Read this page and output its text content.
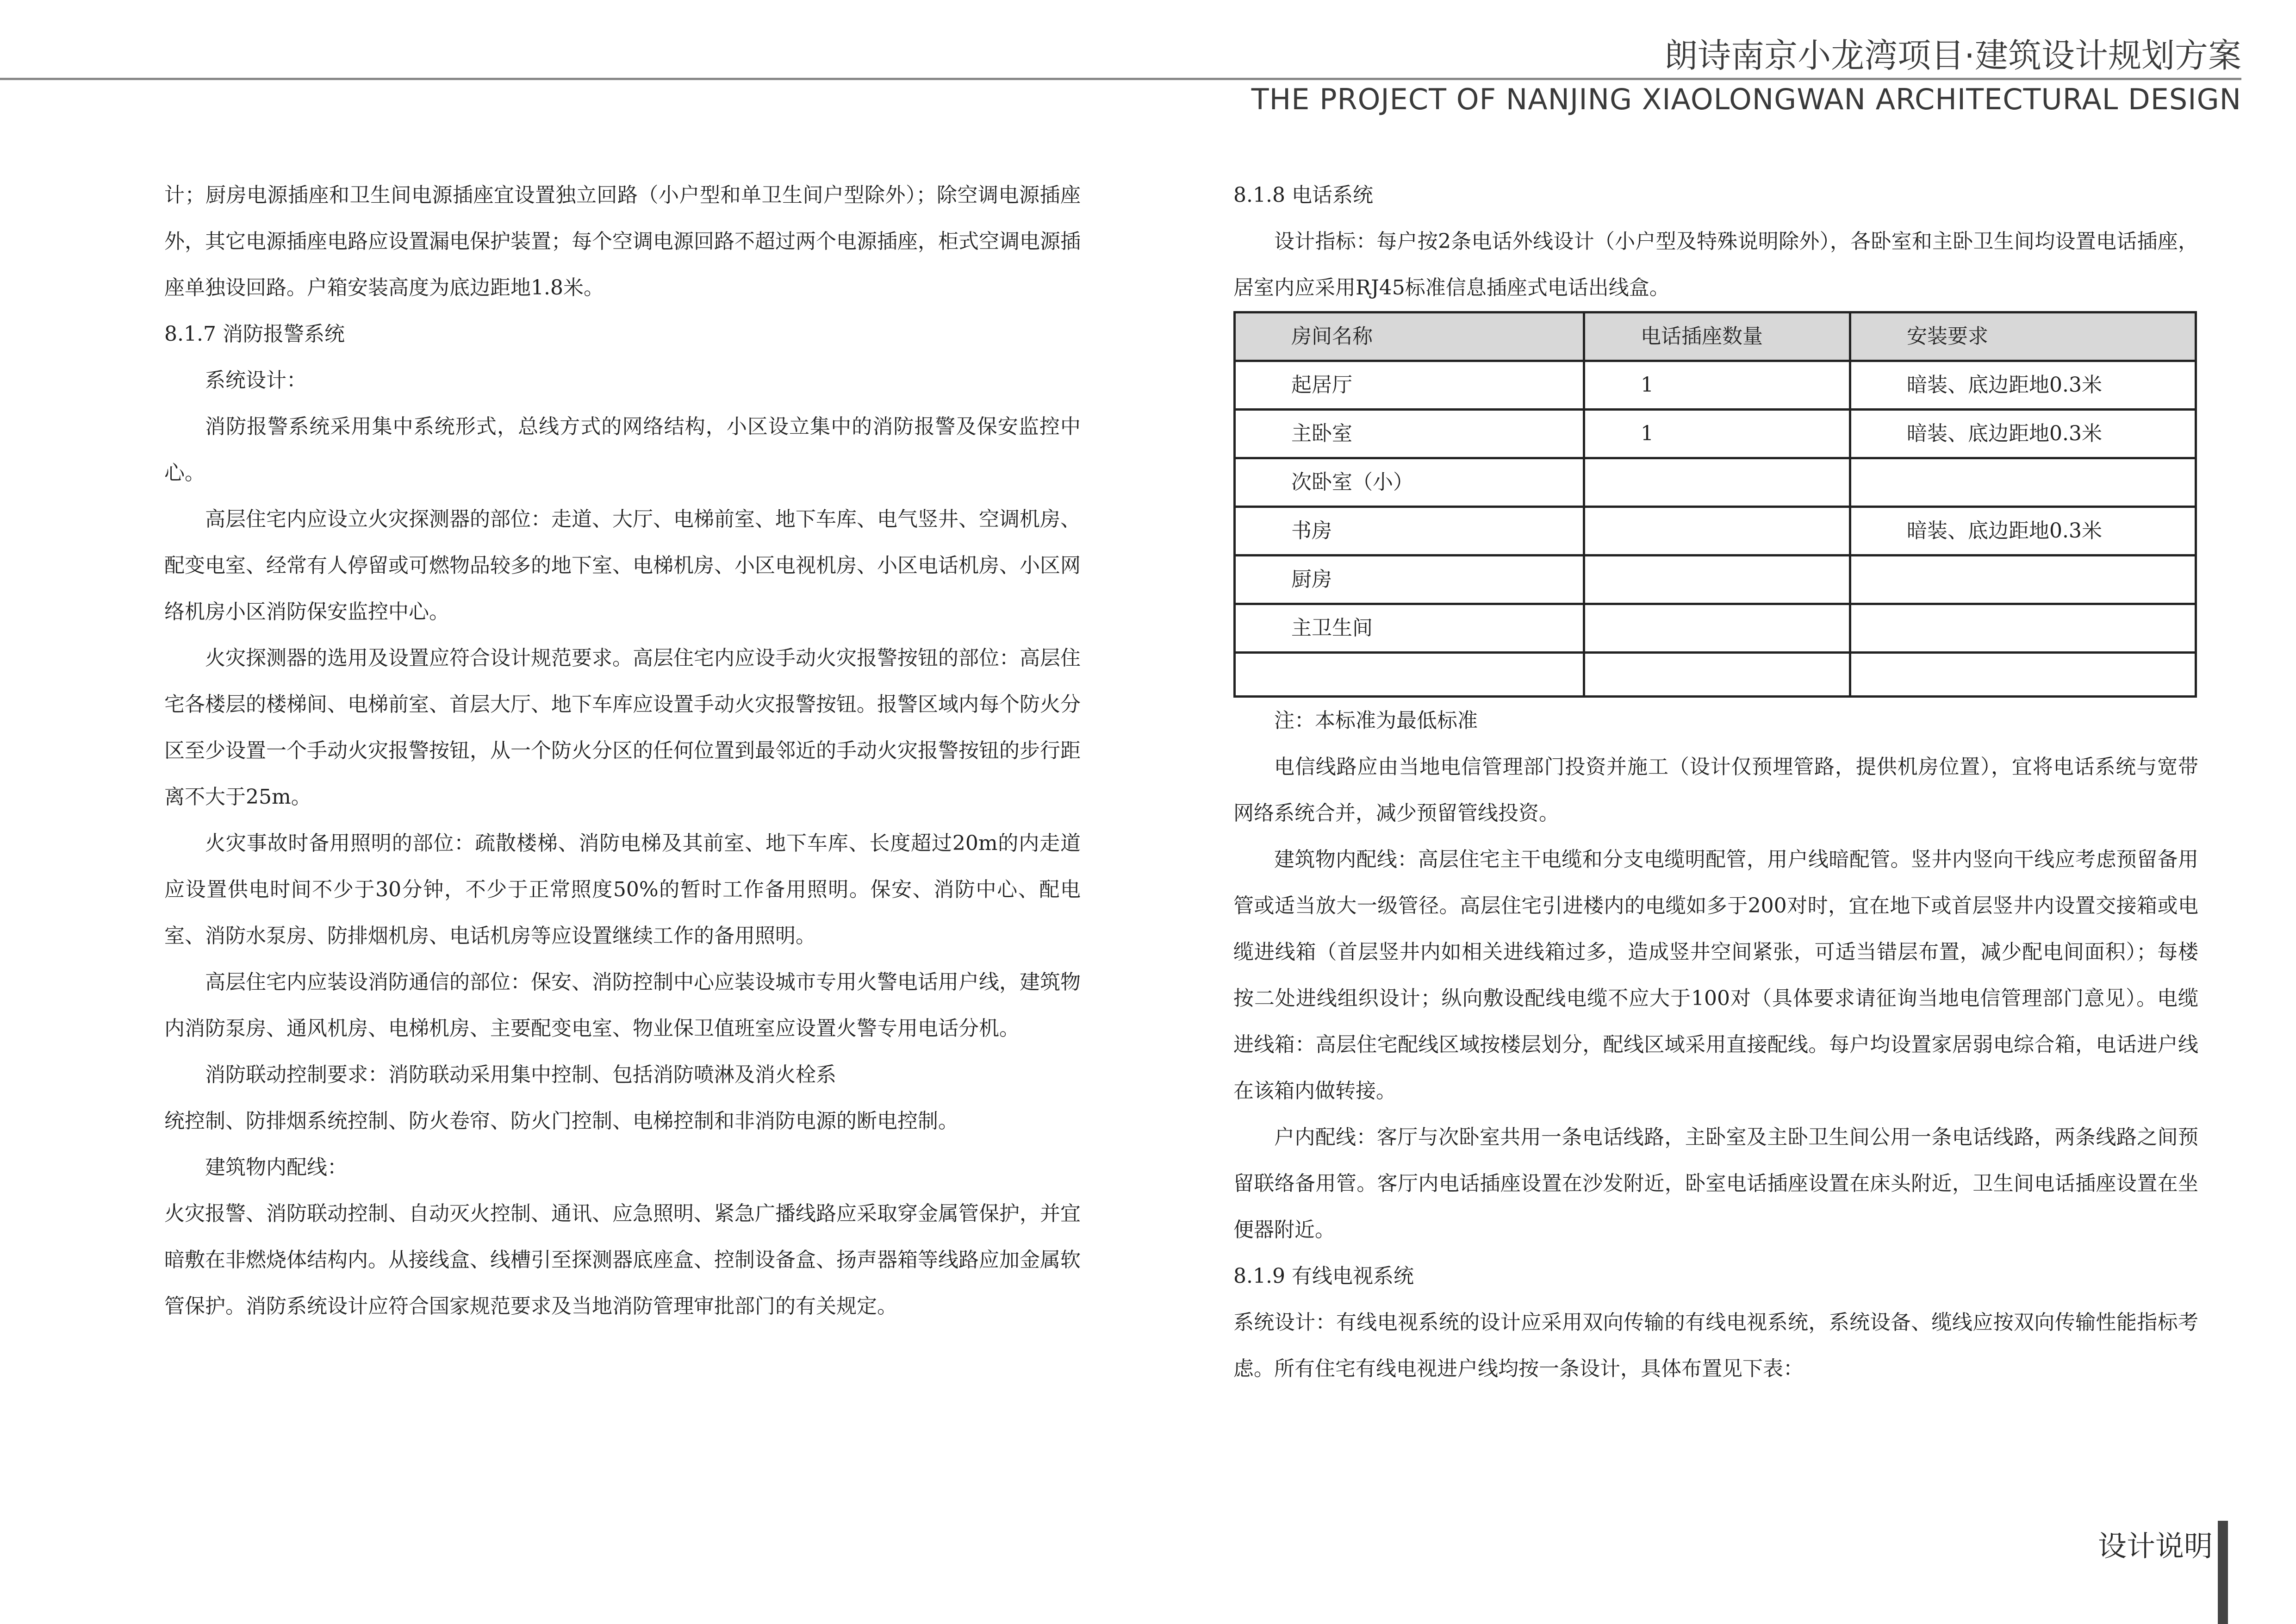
朗诗南京小龙湾项目·建筑设计规划方案
THE PROJECT OF NANJING XIAOLONGWAN ARCHITECTURAL DESIGN

计；厨房电源插座和卫生间电源插座宜设置独立回路（小户型和单卫生间户型除外）；除空调电源插座外，其它电源插座电路应设置漏电保护装置；每个空调电源回路不超过两个电源插座，柜式空调电源插座单独设回路。户箱安装高度为底边距地1.8米。

8.1.7 消防报警系统

系统设计：

消防报警系统采用集中系统形式，总线方式的网络结构，小区设立集中的消防报警及保安监控中心。

高层住宅内应设立火灾探测器的部位：走道、大厅、电梯前室、地下车库、电气竖井、空调机房、配变电室、经常有人停留或可燃物品较多的地下室、电梯机房、小区电视机房、小区电话机房、小区网络机房小区消防保安监控中心。

火灾探测器的选用及设置应符合设计规范要求。高层住宅内应设手动火灾报警按钮的部位：高层住宅各楼层的楼梯间、电梯前室、首层大厅、地下车库应设置手动火灾报警按钮。报警区域内每个防火分区至少设置一个手动火灾报警按钮，从一个防火分区的任何位置到最邻近的手动火灾报警按钮的步行距离不大于25m。

火灾事故时备用照明的部位：疏散楼梯、消防电梯及其前室、地下车库、长度超过20m的内走道应设置供电时间不少于30分钟，不少于正常照度50%的暂时工作备用照明。保安、消防中心、配电室、消防水泵房、防排烟机房、电话机房等应设置继续工作的备用照明。

高层住宅内应装设消防通信的部位：保安、消防控制中心应装设城市专用火警电话用户线，建筑物内消防泵房、通风机房、电梯机房、主要配变电室、物业保卫值班室应设置火警专用电话分机。

消防联动控制要求：消防联动采用集中控制、包括消防喷淋及消火栓系

统控制、防排烟系统控制、防火卷帘、防火门控制、电梯控制和非消防电源的断电控制。

建筑物内配线：

火灾报警、消防联动控制、自动灭火控制、通讯、应急照明、紧急广播线路应采取穿金属管保护，并宜暗敷在非燃烧体结构内。从接线盒、线槽引至探测器底座盒、控制设备盒、扬声器箱等线路应加金属软管保护。消防系统设计应符合国家规范要求及当地消防管理审批部门的有关规定。

8.1.8 电话系统

设计指标：每户按2条电话外线设计（小户型及特殊说明除外），各卧室和主卧卫生间均设置电话插座，居室内应采用RJ45标准信息插座式电话出线盒。

房间名称	电话插座数量	安装要求
起居厅	1	暗装、底边距地0.3米
主卧室	1	暗装、底边距地0.3米
次卧室（小）		
书房		暗装、底边距地0.3米
厨房		
主卫生间		

注：本标准为最低标准

电信线路应由当地电信管理部门投资并施工（设计仅预埋管路，提供机房位置），宜将电话系统与宽带网络系统合并，减少预留管线投资。

建筑物内配线：高层住宅主干电缆和分支电缆明配管，用户线暗配管。竖井内竖向干线应考虑预留备用管或适当放大一级管径。高层住宅引进楼内的电缆如多于200对时，宜在地下或首层竖井内设置交接箱或电缆进线箱（首层竖井内如相关进线箱过多，造成竖井空间紧张，可适当错层布置，减少配电间面积）；每楼按二处进线组织设计；纵向敷设配线电缆不应大于100对（具体要求请征询当地电信管理部门意见）。电缆进线箱：高层住宅配线区域按楼层划分，配线区域采用直接配线。每户均设置家居弱电综合箱，电话进户线在该箱内做转接。

户内配线：客厅与次卧室共用一条电话线路，主卧室及主卧卫生间公用一条电话线路，两条线路之间预留联络备用管。客厅内电话插座设置在沙发附近，卧室电话插座设置在床头附近，卫生间电话插座设置在坐便器附近。

8.1.9 有线电视系统

系统设计：有线电视系统的设计应采用双向传输的有线电视系统，系统设备、缆线应按双向传输性能指标考虑。所有住宅有线电视进户线均按一条设计，具体布置见下表：

设计说明
